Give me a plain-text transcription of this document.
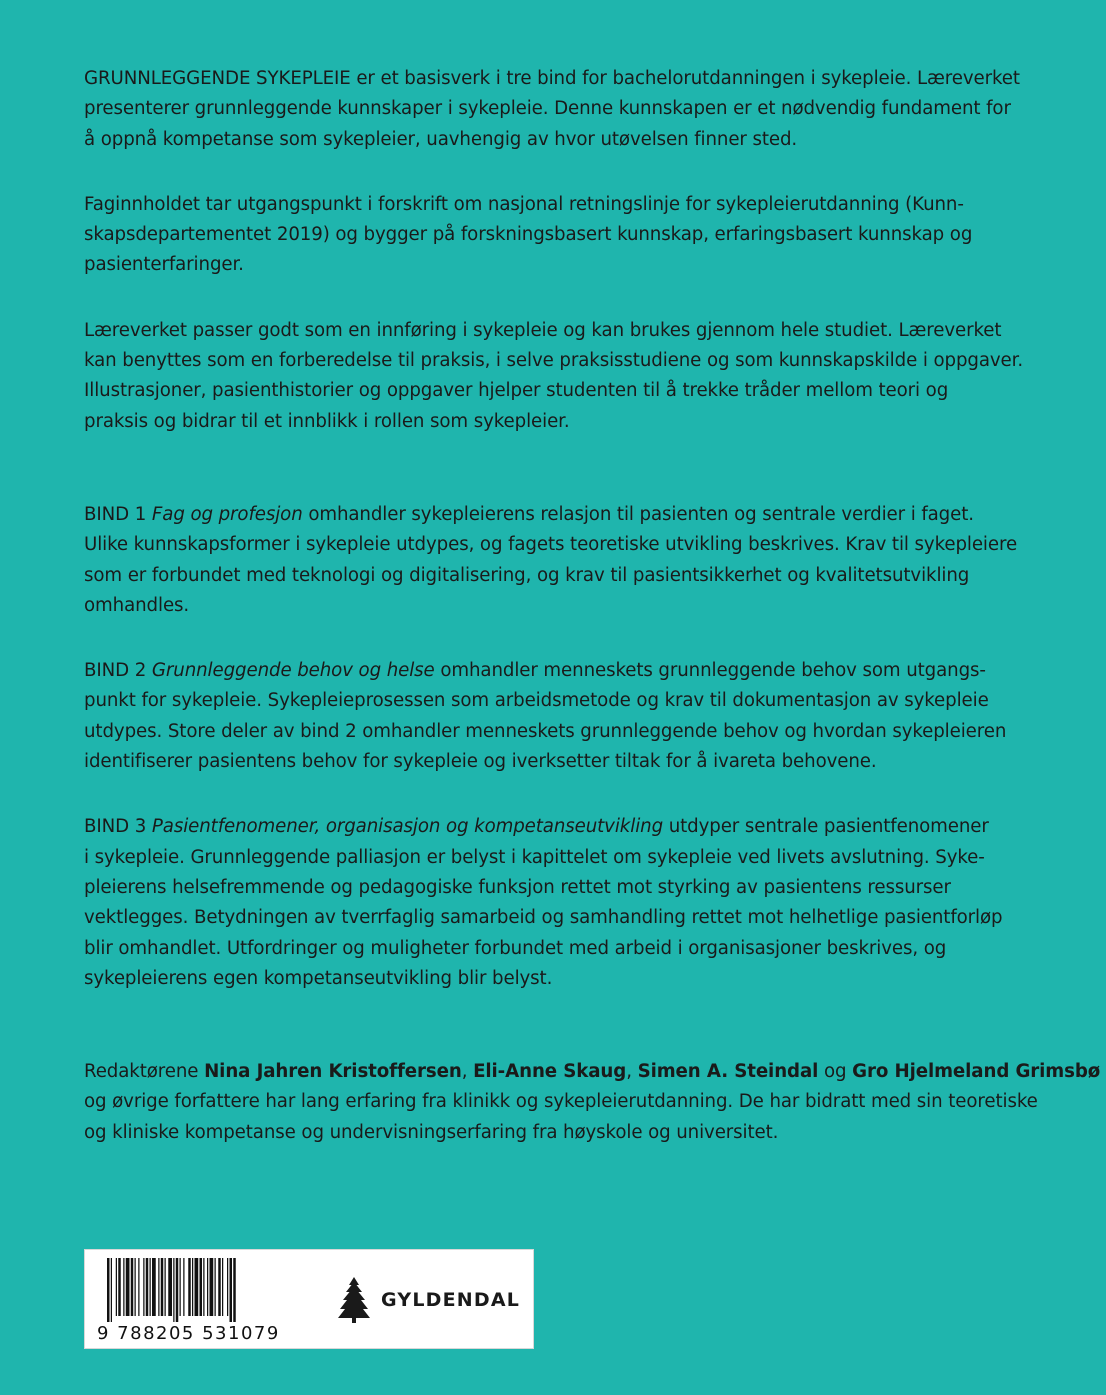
GRUNNLEGGENDE SYKEPLEIE er et basisverk i tre bind for bachelorutdanningen i sykepleie. Læreverket
presenterer grunnleggende kunnskaper i sykepleie. Denne kunnskapen er et nødvendig fundament for
å oppnå kompetanse som sykepleier, uavhengig av hvor utøvelsen finner sted.

Faginnholdet tar utgangspunkt i forskrift om nasjonal retningslinje for sykepleierutdanning (Kunn-
skapsdepartementet 2019) og bygger på forskningsbasert kunnskap, erfaringsbasert kunnskap og
pasienterfaringer.

Læreverket passer godt som en innføring i sykepleie og kan brukes gjennom hele studiet. Læreverket
kan benyttes som en forberedelse til praksis, i selve praksisstudiene og som kunnskapskilde i oppgaver.
Illustrasjoner, pasienthistorier og oppgaver hjelper studenten til å trekke tråder mellom teori og
praksis og bidrar til et innblikk i rollen som sykepleier.

BIND 1 Fag og profesjon omhandler sykepleierens relasjon til pasienten og sentrale verdier i faget.
Ulike kunnskapsformer i sykepleie utdypes, og fagets teoretiske utvikling beskrives. Krav til sykepleiere
som er forbundet med teknologi og digitalisering, og krav til pasientsikkerhet og kvalitetsutvikling
omhandles.

BIND 2 Grunnleggende behov og helse omhandler menneskets grunnleggende behov som utgangs-
punkt for sykepleie. Sykepleieprosessen som arbeidsmetode og krav til dokumentasjon av sykepleie
utdypes. Store deler av bind 2 omhandler menneskets grunnleggende behov og hvordan sykepleieren
identifiserer pasientens behov for sykepleie og iverksetter tiltak for å ivareta behovene.

BIND 3 Pasientfenomener, organisasjon og kompetanseutvikling utdyper sentrale pasientfenomener
i sykepleie. Grunnleggende palliasjon er belyst i kapittelet om sykepleie ved livets avslutning. Syke-
pleierens helsefremmende og pedagogiske funksjon rettet mot styrking av pasientens ressurser
vektlegges. Betydningen av tverrfaglig samarbeid og samhandling rettet mot helhetlige pasientforløp
blir omhandlet. Utfordringer og muligheter forbundet med arbeid i organisasjoner beskrives, og
sykepleierens egen kompetanseutvikling blir belyst.

Redaktørene Nina Jahren Kristoffersen, Eli-Anne Skaug, Simen A. Steindal og Gro Hjelmeland Grimsbø
og øvrige forfattere har lang erfaring fra klinikk og sykepleierutdanning. De har bidratt med sin teoretiske
og kliniske kompetanse og undervisningserfaring fra høyskole og universitet.

9 788205 531079
GYLDENDAL
